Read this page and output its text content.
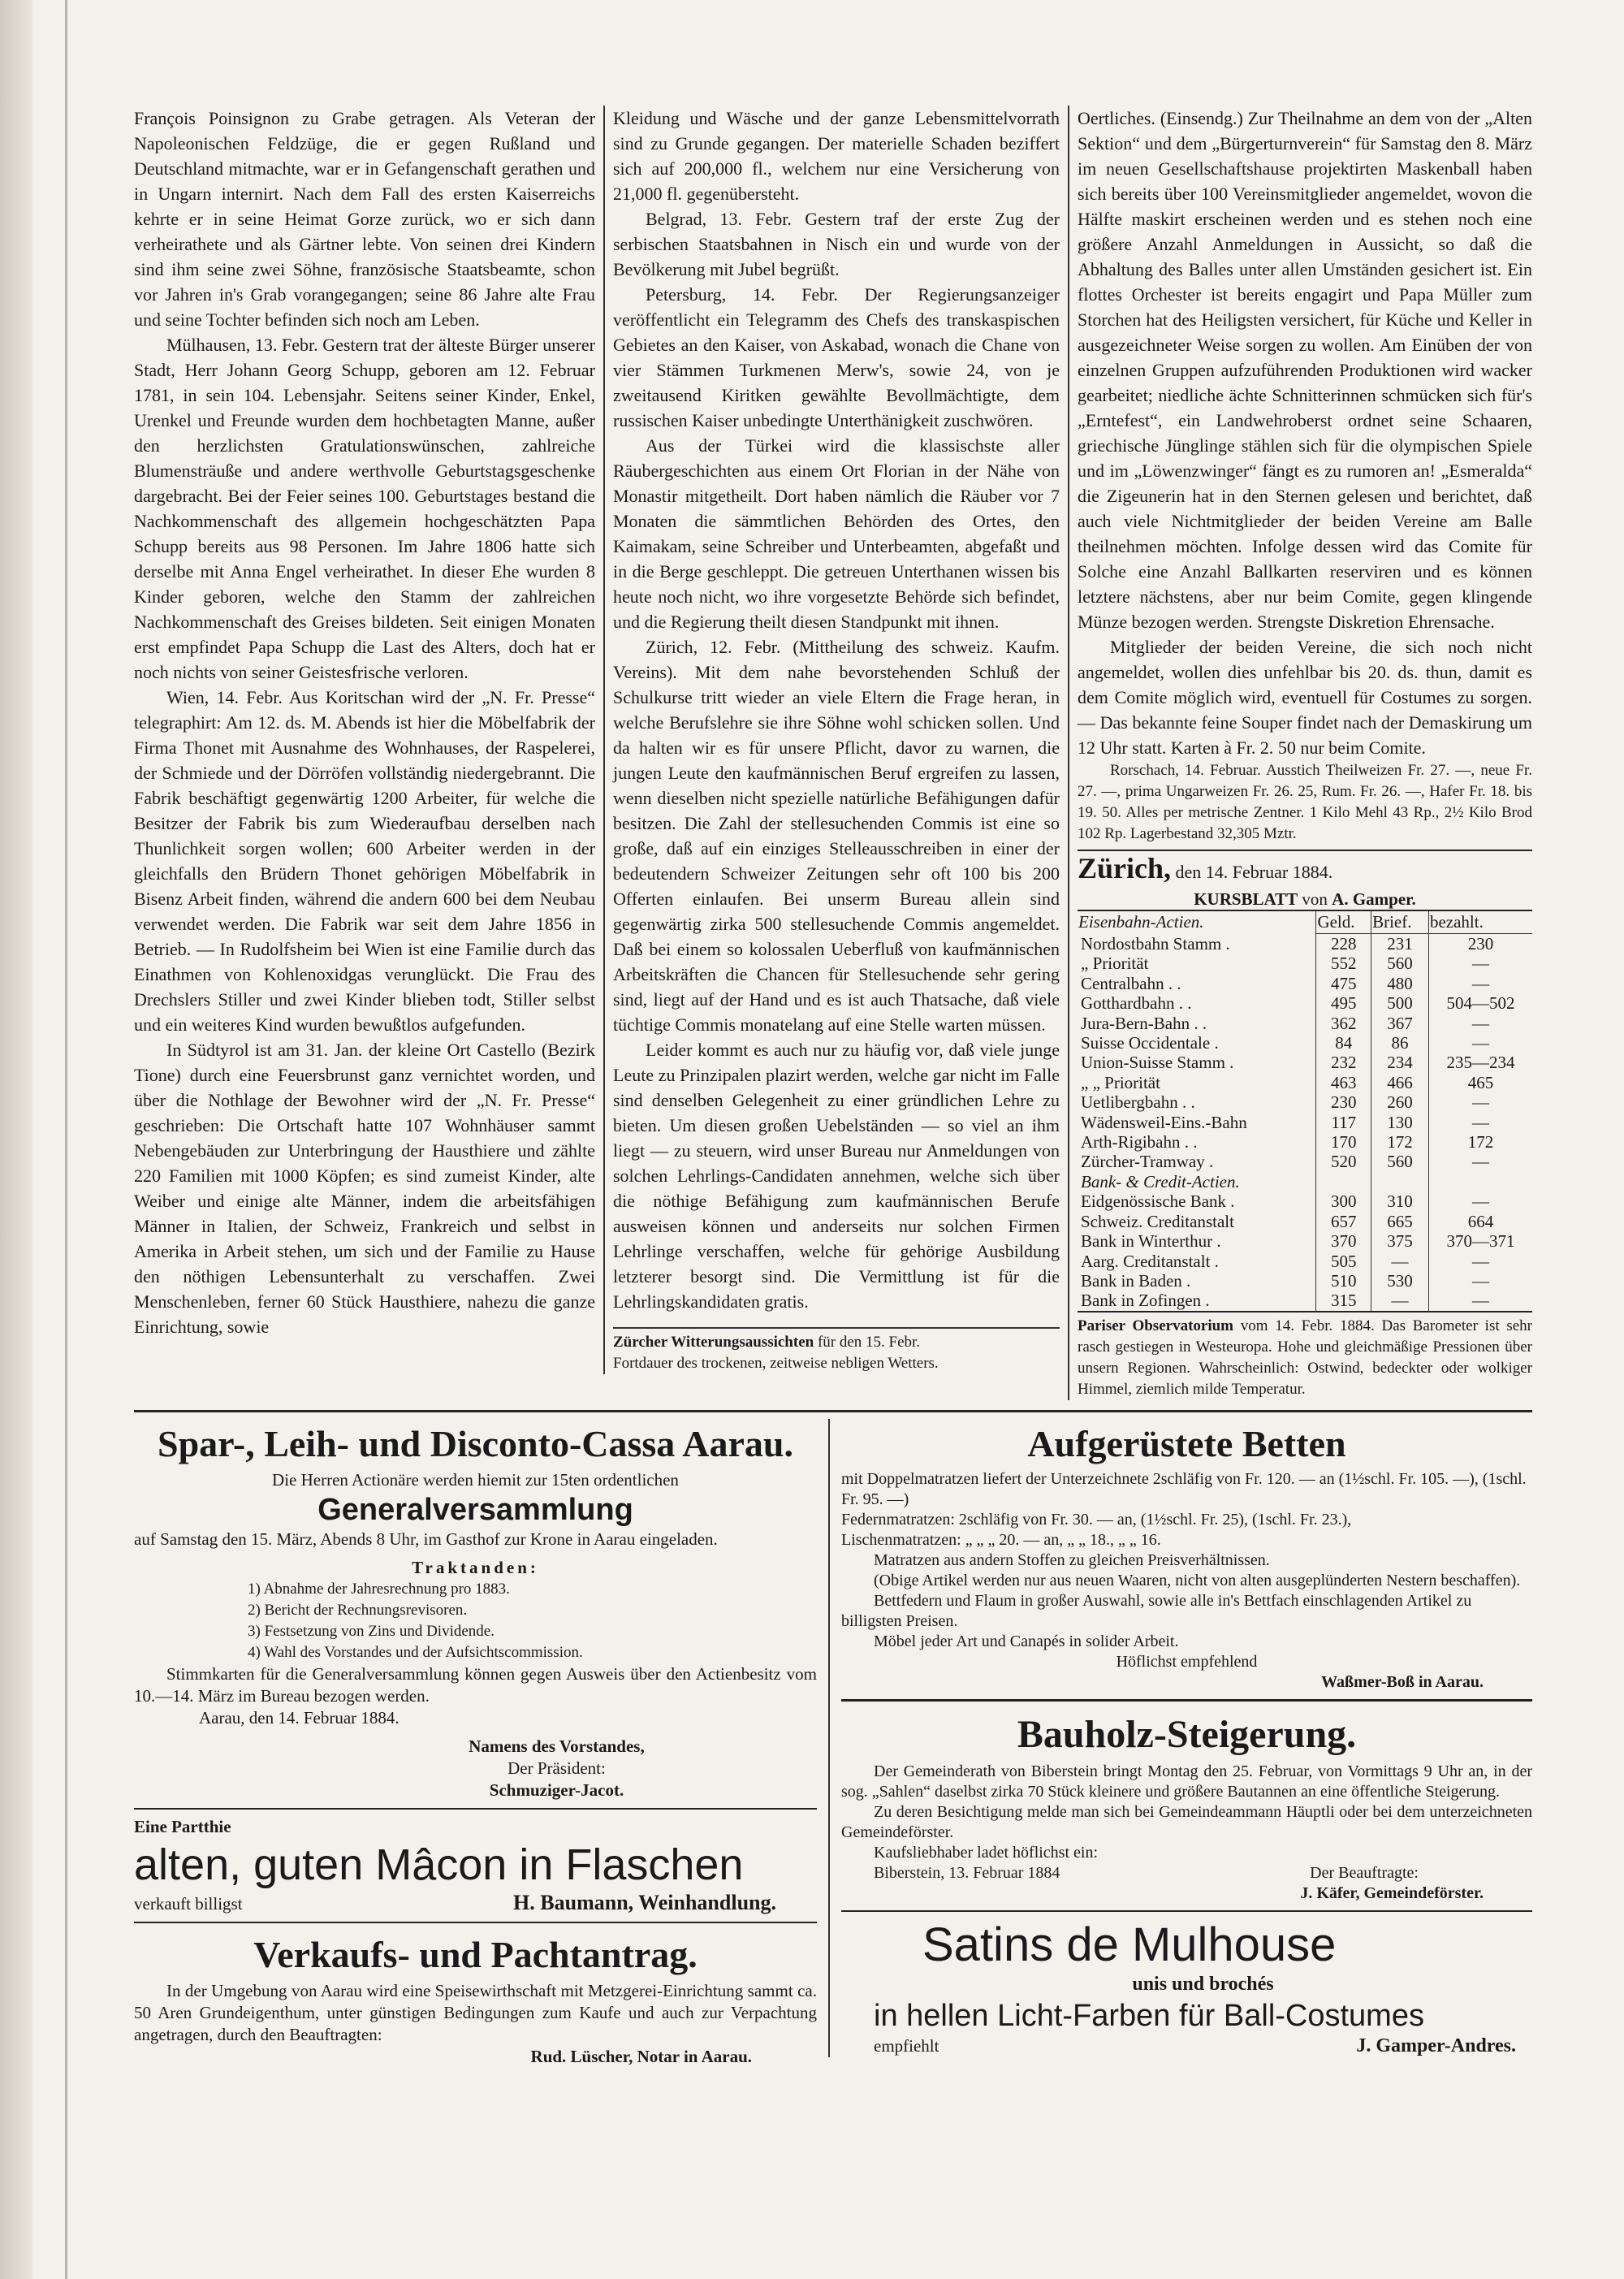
François Poinsignon zu Grabe getragen. Als Veteran der Napoleonischen Feldzüge, die er gegen Rußland und Deutschland mitmachte, war er in Gefangenschaft gerathen und in Ungarn internirt. Nach dem Fall des ersten Kaiserreichs kehrte er in seine Heimat Gorze zurück, wo er sich dann verheirathete und als Gärtner lebte. Von seinen drei Kindern sind ihm seine zwei Söhne, französische Staatsbeamte, schon vor Jahren in's Grab vorangegangen; seine 86 Jahre alte Frau und seine Tochter befinden sich noch am Leben.

Mülhausen, 13. Febr. Gestern trat der älteste Bürger unserer Stadt, Herr Johann Georg Schupp, geboren am 12. Februar 1781, in sein 104. Lebensjahr. Seitens seiner Kinder, Enkel, Urenkel und Freunde wurden dem hochbetagten Manne, außer den herzlichsten Gratulationswünschen, zahlreiche Blumensträuße und andere werthvolle Geburtstagsgeschenke dargebracht. Bei der Feier seines 100. Geburtstages bestand die Nachkommenschaft des allgemein hochgeschätzten Papa Schupp bereits aus 98 Personen. Im Jahre 1806 hatte sich derselbe mit Anna Engel verheirathet. In dieser Ehe wurden 8 Kinder geboren, welche den Stamm der zahlreichen Nachkommenschaft des Greises bildeten. Seit einigen Monaten erst empfindet Papa Schupp die Last des Alters, doch hat er noch nichts von seiner Geistesfrische verloren.

Wien, 14. Febr. Aus Koritschan wird der „N. Fr. Presse“ telegraphirt: Am 12. ds. M. Abends ist hier die Möbelfabrik der Firma Thonet mit Ausnahme des Wohnhauses, der Raspelerei, der Schmiede und der Dörröfen vollständig niedergebrannt. Die Fabrik beschäftigt gegenwärtig 1200 Arbeiter, für welche die Besitzer der Fabrik bis zum Wiederaufbau derselben nach Thunlichkeit sorgen wollen; 600 Arbeiter werden in der gleichfalls den Brüdern Thonet gehörigen Möbelfabrik in Bisenz Arbeit finden, während die andern 600 bei dem Neubau verwendet werden. Die Fabrik war seit dem Jahre 1856 in Betrieb. — In Rudolfsheim bei Wien ist eine Familie durch das Einathmen von Kohlenoxidgas verunglückt. Die Frau des Drechslers Stiller und zwei Kinder blieben todt, Stiller selbst und ein weiteres Kind wurden bewußtlos aufgefunden.

In Südtyrol ist am 31. Jan. der kleine Ort Castello (Bezirk Tione) durch eine Feuersbrunst ganz vernichtet worden, und über die Nothlage der Bewohner wird der „N. Fr. Presse“ geschrieben: Die Ortschaft hatte 107 Wohnhäuser sammt Nebengebäuden zur Unterbringung der Hausthiere und zählte 220 Familien mit 1000 Köpfen; es sind zumeist Kinder, alte Weiber und einige alte Männer, indem die arbeitsfähigen Männer in Italien, der Schweiz, Frankreich und selbst in Amerika in Arbeit stehen, um sich und der Familie zu Hause den nöthigen Lebensunterhalt zu verschaffen. Zwei Menschenleben, ferner 60 Stück Hausthiere, nahezu die ganze Einrichtung, sowie

Kleidung und Wäsche und der ganze Lebensmittelvorrath sind zu Grunde gegangen. Der materielle Schaden beziffert sich auf 200,000 fl., welchem nur eine Versicherung von 21,000 fl. gegenübersteht.

Belgrad, 13. Febr. Gestern traf der erste Zug der serbischen Staatsbahnen in Nisch ein und wurde von der Bevölkerung mit Jubel begrüßt.

Petersburg, 14. Febr. Der Regierungsanzeiger veröffentlicht ein Telegramm des Chefs des transkaspischen Gebietes an den Kaiser, von Askabad, wonach die Chane von vier Stämmen Turkmenen Merw's, sowie 24, von je zweitausend Kiritken gewählte Bevollmächtigte, dem russischen Kaiser unbedingte Unterthänigkeit zuschwören.

Aus der Türkei wird die klassischste aller Räubergeschichten aus einem Ort Florian in der Nähe von Monastir mitgetheilt. Dort haben nämlich die Räuber vor 7 Monaten die sämmtlichen Behörden des Ortes, den Kaimakam, seine Schreiber und Unterbeamten, abgefaßt und in die Berge geschleppt. Die getreuen Unterthanen wissen bis heute noch nicht, wo ihre vorgesetzte Behörde sich befindet, und die Regierung theilt diesen Standpunkt mit ihnen.

Zürich, 12. Febr. (Mittheilung des schweiz. Kaufm. Vereins). Mit dem nahe bevorstehenden Schluß der Schulkurse tritt wieder an viele Eltern die Frage heran, in welche Berufslehre sie ihre Söhne wohl schicken sollen. Und da halten wir es für unsere Pflicht, davor zu warnen, die jungen Leute den kaufmännischen Beruf ergreifen zu lassen, wenn dieselben nicht spezielle natürliche Befähigungen dafür besitzen. Die Zahl der stellesuchenden Commis ist eine so große, daß auf ein einziges Stelleausschreiben in einer der bedeutendern Schweizer Zeitungen sehr oft 100 bis 200 Offerten einlaufen. Bei unserm Bureau allein sind gegenwärtig zirka 500 stellesuchende Commis angemeldet. Daß bei einem so kolossalen Ueberfluß von kaufmännischen Arbeitskräften die Chancen für Stellesuchende sehr gering sind, liegt auf der Hand und es ist auch Thatsache, daß viele tüchtige Commis monatelang auf eine Stelle warten müssen.

Leider kommt es auch nur zu häufig vor, daß viele junge Leute zu Prinzipalen plazirt werden, welche gar nicht im Falle sind denselben Gelegenheit zu einer gründlichen Lehre zu bieten. Um diesen großen Uebelständen — so viel an ihm liegt — zu steuern, wird unser Bureau nur Anmeldungen von solchen Lehrlings-Candidaten annehmen, welche sich über die nöthige Befähigung zum kaufmännischen Berufe ausweisen können und anderseits nur solchen Firmen Lehrlinge verschaffen, welche für gehörige Ausbildung letzterer besorgt sind. Die Vermittlung ist für die Lehrlingskandidaten gratis.

Zürcher Witterungsaussichten für den 15. Febr.
Fortdauer des trockenen, zeitweise nebligen Wetters.

Oertliches. (Einsendg.) Zur Theilnahme an dem von der „Alten Sektion“ und dem „Bürgerturnverein“ für Samstag den 8. März im neuen Gesellschaftshause projektirten Maskenball haben sich bereits über 100 Vereinsmitglieder angemeldet, wovon die Hälfte maskirt erscheinen werden und es stehen noch eine größere Anzahl Anmeldungen in Aussicht, so daß die Abhaltung des Balles unter allen Umständen gesichert ist. Ein flottes Orchester ist bereits engagirt und Papa Müller zum Storchen hat des Heiligsten versichert, für Küche und Keller in ausgezeichneter Weise sorgen zu wollen. Am Einüben der von einzelnen Gruppen aufzuführenden Produktionen wird wacker gearbeitet; niedliche ächte Schnitterinnen schmücken sich für's „Erntefest“, ein Landwehroberst ordnet seine Schaaren, griechische Jünglinge stählen sich für die olympischen Spiele und im „Löwenzwinger“ fängt es zu rumoren an! „Esmeralda“ die Zigeunerin hat in den Sternen gelesen und berichtet, daß auch viele Nichtmitglieder der beiden Vereine am Balle theilnehmen möchten. Infolge dessen wird das Comite für Solche eine Anzahl Ballkarten reserviren und es können letztere nächstens, aber nur beim Comite, gegen klingende Münze bezogen werden. Strengste Diskretion Ehrensache.

Mitglieder der beiden Vereine, die sich noch nicht angemeldet, wollen dies unfehlbar bis 20. ds. thun, damit es dem Comite möglich wird, eventuell für Costumes zu sorgen. — Das bekannte feine Souper findet nach der Demaskirung um 12 Uhr statt. Karten à Fr. 2. 50 nur beim Comite.

Rorschach, 14. Februar. Ausstich Theilweizen Fr. 27. —, neue Fr. 27. —, prima Ungarweizen Fr. 26. 25, Rum. Fr. 26. —, Hafer Fr. 18. bis 19. 50. Alles per metrische Zentner. 1 Kilo Mehl 43 Rp., 2½ Kilo Brod 102 Rp. Lagerbestand 32,305 Mztr.

Zürich, den 14. Februar 1884.
KURSBLATT von A. Gamper.
Eisenbahn-Actien.	Geld.	Brief.	bezahlt.
Nordostbahn Stamm .	228	231	230
„ Priorität	552	560	—
Centralbahn . .	475	480	—
Gotthardbahn . .	495	500	504—502
Jura-Bern-Bahn . .	362	367	—
Suisse Occidentale .	84	86	—
Union-Suisse Stamm .	232	234	235—234
„ „ Priorität	463	466	465
Uetlibergbahn . .	230	260	—
Wädensweil-Eins.-Bahn	117	130	—
Arth-Rigibahn . .	170	172	172
Zürcher-Tramway .	520	560	—
Bank- & Credit-Actien.			
Eidgenössische Bank .	300	310	—
Schweiz. Creditanstalt	657	665	664
Bank in Winterthur .	370	375	370—371
Aarg. Creditanstalt .	505	—	—
Bank in Baden .	510	530	—
Bank in Zofingen .	315	—	—
Pariser Observatorium vom 14. Febr. 1884. Das Barometer ist sehr rasch gestiegen in Westeuropa. Hohe und gleichmäßige Pressionen über unsern Regionen. Wahrscheinlich: Ostwind, bedeckter oder wolkiger Himmel, ziemlich milde Temperatur.
Spar-, Leih- und Disconto-Cassa Aarau.

Die Herren Actionäre werden hiemit zur 15ten ordentlichen

Generalversammlung

auf Samstag den 15. März, Abends 8 Uhr, im Gasthof zur Krone in Aarau eingeladen.

Traktanden:

1) Abnahme der Jahresrechnung pro 1883.
2) Bericht der Rechnungsrevisoren.
3) Festsetzung von Zins und Dividende.
4) Wahl des Vorstandes und der Aufsichtscommission.

Stimmkarten für die Generalversammlung können gegen Ausweis über den Actienbesitz vom 10.—14. März im Bureau bezogen werden.

Aarau, den 14. Februar 1884.

Namens des Vorstandes,

Der Präsident:

Schmuziger-Jacot.

Eine Partthie

alten, guten Mâcon in Flaschen
verkauft billigst	H. Baumann, Weinhandlung.
Verkaufs- und Pachtantrag.

In der Umgebung von Aarau wird eine Speisewirthschaft mit Metzgerei-Einrichtung sammt ca. 50 Aren Grundeigenthum, unter günstigen Bedingungen zum Kaufe und auch zur Verpachtung angetragen, durch den Beauftragten:

Rud. Lüscher, Notar in Aarau.

Aufgerüstete Betten

mit Doppelmatratzen liefert der Unterzeichnete 2schläfig von Fr. 120. — an (1½schl. Fr. 105. —), (1schl. Fr. 95. —)

Federnmatratzen: 2schläfig von Fr. 30. — an, (1½schl. Fr. 25), (1schl. Fr. 23.),

Lischenmatratzen: „ „ „ 20. — an, „ „ 18., „ „ 16.

Matratzen aus andern Stoffen zu gleichen Preisverhältnissen.

(Obige Artikel werden nur aus neuen Waaren, nicht von alten ausgeplünderten Nestern beschaffen).

Bettfedern und Flaum in großer Auswahl, sowie alle in's Bettfach einschlagenden Artikel zu billigsten Preisen.

Möbel jeder Art und Canapés in solider Arbeit.

Höflichst empfehlend

Waßmer-Boß in Aarau.

Bauholz-Steigerung.

Der Gemeinderath von Biberstein bringt Montag den 25. Februar, von Vormittags 9 Uhr an, in der sog. „Sahlen“ daselbst zirka 70 Stück kleinere und größere Bautannen an eine öffentliche Steigerung.

Zu deren Besichtigung melde man sich bei Gemeindeammann Häuptli oder bei dem unterzeichneten Gemeindeförster.

Kaufsliebhaber ladet höflichst ein:

Biberstein, 13. Februar 1884	Der Beauftragte:

J. Käfer, Gemeindeförster.

Satins de Mulhouse

unis und brochés

in hellen Licht-Farben für Ball-Costumes
empfiehlt	J. Gamper-Andres.
